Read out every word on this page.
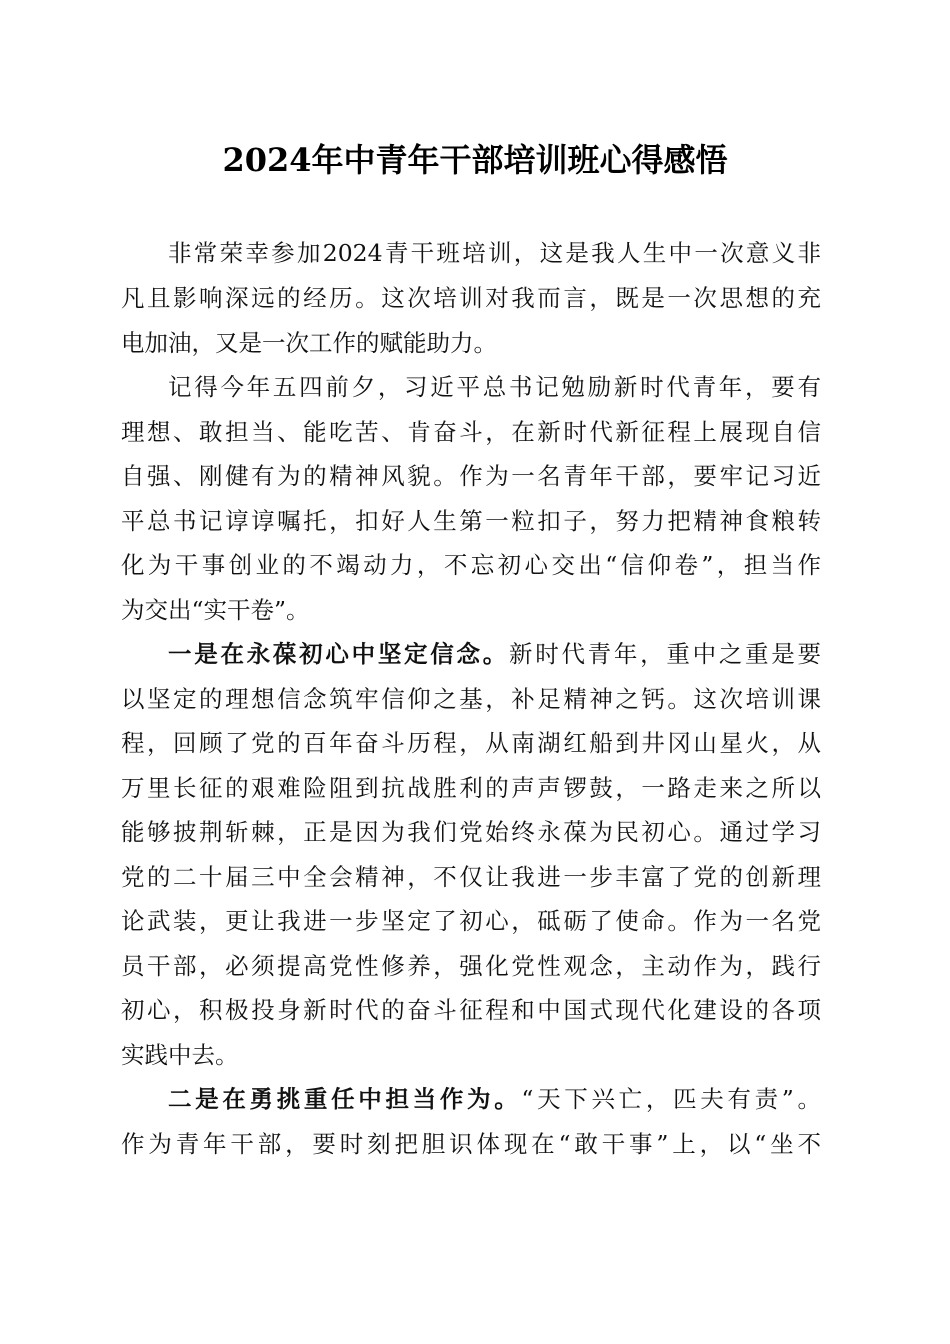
2024年中青年干部培训班心得感悟

非常荣幸参加2024青干班培训，这是我人生中一次意义非

凡且影响深远的经历。这次培训对我而言，既是一次思想的充

电加油，又是一次工作的赋能助力。

记得今年五四前夕，习近平总书记勉励新时代青年，要有

理想、敢担当、能吃苦、肯奋斗，在新时代新征程上展现自信

自强、刚健有为的精神风貌。作为一名青年干部，要牢记习近

平总书记谆谆嘱托，扣好人生第一粒扣子，努力把精神食粮转

化为干事创业的不竭动力，不忘初心交出“信仰卷”，担当作

为交出“实干卷”。

一是在永葆初心中坚定信念。新时代青年，重中之重是要

以坚定的理想信念筑牢信仰之基，补足精神之钙。这次培训课

程，回顾了党的百年奋斗历程，从南湖红船到井冈山星火，从

万里长征的艰难险阻到抗战胜利的声声锣鼓，一路走来之所以

能够披荆斩棘，正是因为我们党始终永葆为民初心。通过学习

党的二十届三中全会精神，不仅让我进一步丰富了党的创新理

论武装，更让我进一步坚定了初心，砥砺了使命。作为一名党

员干部，必须提高党性修养，强化党性观念，主动作为，践行

初心，积极投身新时代的奋斗征程和中国式现代化建设的各项

实践中去。

二是在勇挑重任中担当作为。“天下兴亡，匹夫有责”。

作为青年干部，要时刻把胆识体现在“敢干事”上，以“坐不
